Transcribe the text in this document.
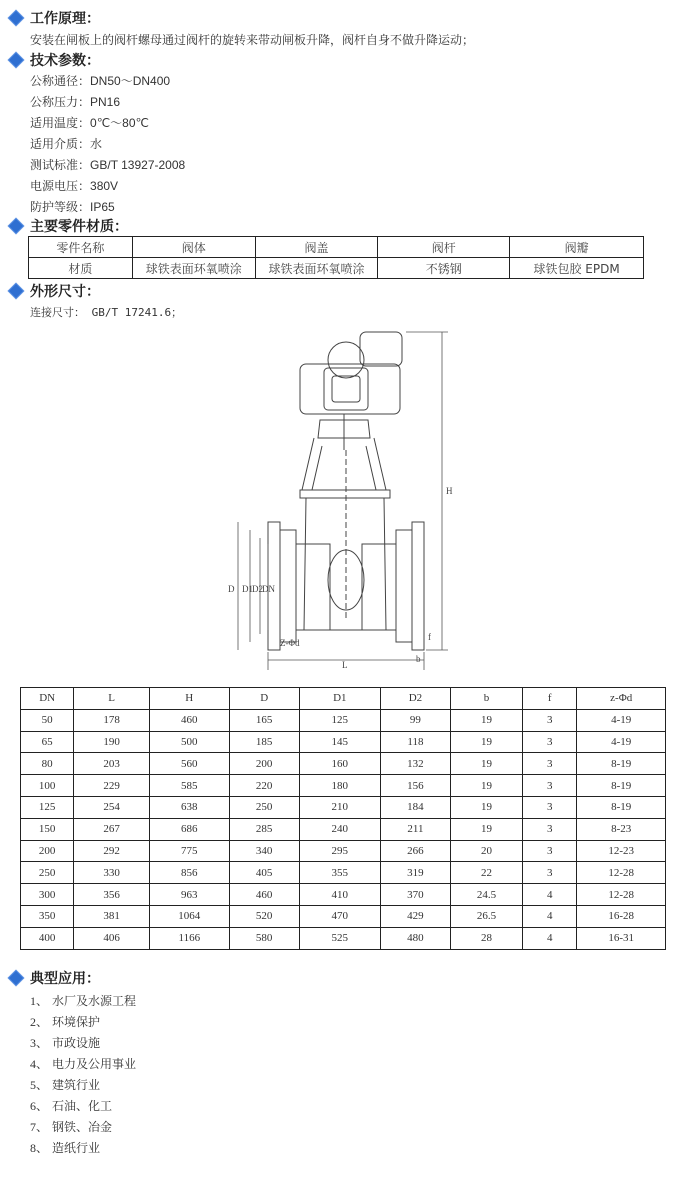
工作原理：
安装在闸板上的阀杆螺母通过阀杆的旋转来带动闸板升降，阀杆自身不做升降运动；
技术参数：
公称通径：DN50～DN400
公称压力：PN16
适用温度：0℃～80℃
适用介质：水
测试标准：GB/T 13927-2008
电源电压：380V
防护等级：IP65
主要零件材质：
零件名称	阀体	阀盖	阀杆	阀瓣
材质	球铁表面环氧喷涂	球铁表面环氧喷涂	不锈钢	球铁包胶 EPDM
外形尺寸：
连接尺寸： GB/T 17241.6；
H
D D1 D2 DN
Z-Φd
L
f
b
DN	L	H	D	D1	D2	b	f	z-Φd
50	178	460	165	125	99	19	3	4-19
65	190	500	185	145	118	19	3	4-19
80	203	560	200	160	132	19	3	8-19
100	229	585	220	180	156	19	3	8-19
125	254	638	250	210	184	19	3	8-19
150	267	686	285	240	211	19	3	8-23
200	292	775	340	295	266	20	3	12-23
250	330	856	405	355	319	22	3	12-28
300	356	963	460	410	370	24.5	4	12-28
350	381	1064	520	470	429	26.5	4	16-28
400	406	1166	580	525	480	28	4	16-31
典型应用：
1、 水厂及水源工程
2、 环境保护
3、 市政设施
4、 电力及公用事业
5、 建筑行业
6、 石油、化工
7、 钢铁、冶金
8、 造纸行业
